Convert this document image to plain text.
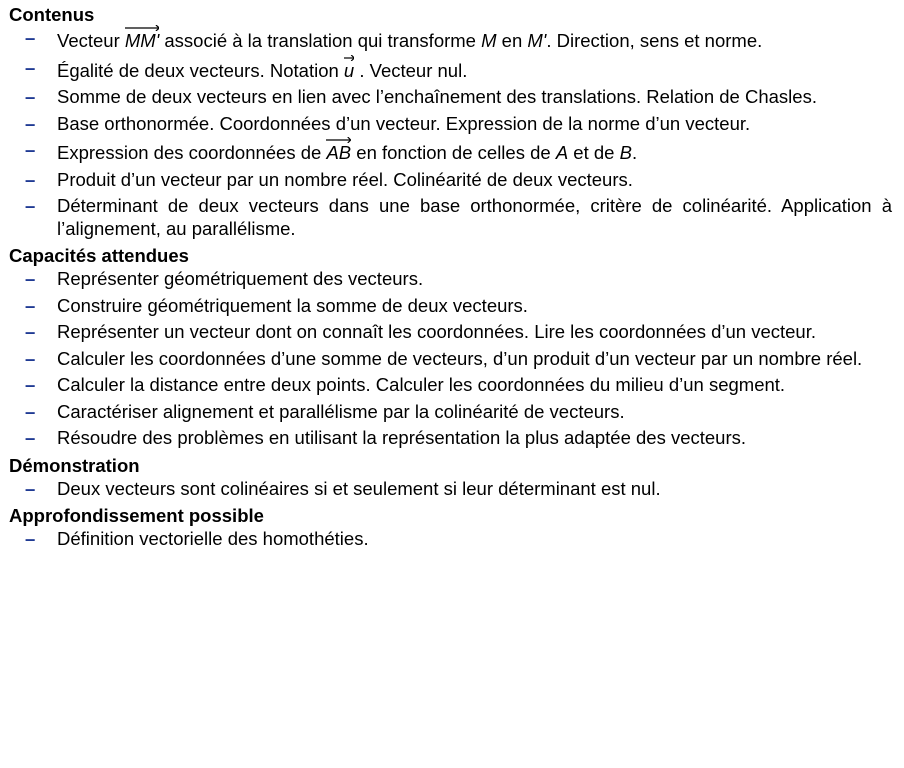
Contenus
– Vecteur
MM' associé à la translation qui transforme M en M'. Direction, sens et norme.
– Égalité de deux vecteurs. Notation
u . Vecteur nul.
– Somme de deux vecteurs en lien avec l’enchaînement des translations. Relation de Chasles.
– Base orthonormée. Coordonnées d’un vecteur. Expression de la norme d’un vecteur.
– Expression des coordonnées de
AB en fonction de celles de A et de B.
– Produit d’un vecteur par un nombre réel. Colinéarité de deux vecteurs.
– Déterminant de deux vecteurs dans une base orthonormée, critère de colinéarité. Application à l’alignement, au parallélisme.
Capacités attendues
– Représenter géométriquement des vecteurs.
– Construire géométriquement la somme de deux vecteurs.
– Représenter un vecteur dont on connaît les coordonnées. Lire les coordonnées d’un vecteur.
– Calculer les coordonnées d’une somme de vecteurs, d’un produit d’un vecteur par un nombre réel.
– Calculer la distance entre deux points. Calculer les coordonnées du milieu d’un segment.
– Caractériser alignement et parallélisme par la colinéarité de vecteurs.
– Résoudre des problèmes en utilisant la représentation la plus adaptée des vecteurs.
Démonstration
– Deux vecteurs sont colinéaires si et seulement si leur déterminant est nul.
Approfondissement possible
– Définition vectorielle des homothéties.
